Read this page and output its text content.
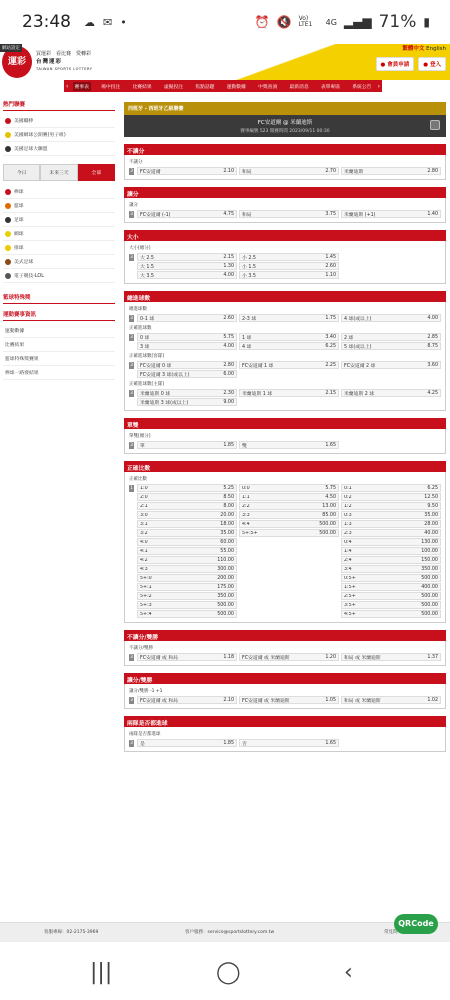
23:48 ☁ ✉ •	⏰ 🔇 Vo) LTE1	4G ▂▄▆ 71% ▮
運彩
網站設定
買運彩　看比賽　愛轉彩
台灣運彩
TAIWAN SPORTS LOTTERY
繁體中文 English
● 會員申請	● 登入
‹	賽事表	場中投注	比賽結果	虛擬投注	焦點話題	運動數據	中獎查詢	最新消息	表單專區	系統公告	›
熱門聯賽
美國職棒
美國網球公開賽(男子組)
美國足球大聯盟
今日	未來三天	全部
棒球
籃球
足球
網球
排球
美式足球
電子競技-LOL
籃球特殊獎
運動賽事資訊
運動數據
比賽結果
籃球特殊獎賽果
棒球一路發結果
西班牙 - 西班牙乙級聯賽
FC安道爾 @ 米蘭迪斯
賽事編號 523 開賽時間 2023/09/11 00:30
不讓分
不讓分
3 FC安道爾	2.10 和局	2.70 米蘭迪斯	2.80
讓分
讓分
3 FC安道爾 (-1)	4.75 和局	3.75 米蘭迪斯 (+1)	1.40
大小
大小[總分]
3 大 2.5	2.15 小 2.5	1.45
大 1.5	1.30 小 1.5	2.60
大 3.5	4.00 小 3.5	1.10
總進球數
總進球數
3 0-1 球	2.60 2-3 球	1.75 4 球(或以上)	4.00
正確進球數
3 0 球	5.75 1 球	3.40 2 球	2.85
3 球	4.00 4 球	6.25 5 球(或以上)	8.75
正確進球數[客隊]
3 FC安道爾 0 球	2.80 FC安道爾 1 球	2.25 FC安道爾 2 球	3.60
FC安道爾 3 球(或以上)	6.00
正確進球數[主隊]
3 米蘭迪斯 0 球	2.30 米蘭迪斯 1 球	2.15 米蘭迪斯 2 球	4.25
米蘭迪斯 3 球(或以上)	9.00
單雙
單雙[總分]
3 單	1.85 雙	1.65
正確比數
正確比數
1 1:0	5.25 0:0	5.75 0:1	6.25
2:0	8.50 1:1	4.50 0:2	12.50
2:1	8.00 2:2	13.00 1:2	9.50
3:0	20.00 3:3	85.00 0:3	35.00
3:1	18.00 4:4	500.00 1:3	28.00
3:2	35.00 5+:5+	500.00 2:3	40.00
4:0	60.00	0:4	130.00
4:1	55.00	1:4	100.00
4:2	110.00	2:4	150.00
4:3	300.00	3:4	350.00
5+:0	200.00	0:5+	500.00
5+:1	175.00	1:5+	400.00
5+:2	350.00	2:5+	500.00
5+:3	500.00	3:5+	500.00
5+:4	500.00	4:5+	500.00
不讓分/雙勝
不讓分/雙勝
3 FC安道爾 或 和局	1.18 FC安道爾 或 米蘭迪斯	1.20 和局 或 米蘭迪斯	1.37
讓分/雙勝
讓分/雙勝 -1 +1
3 FC安道爾 或 和局	2.10 FC安道爾 或 米蘭迪斯	1.05 和局 或 米蘭迪斯	1.02
兩隊是否都進球
兩隊是否都進球
3 是	1.85 否	1.65
客服專線：02-2175-3969	客戶服務：service@sportslottery.com.tw	常見問
QRCode
|||	◯	‹
